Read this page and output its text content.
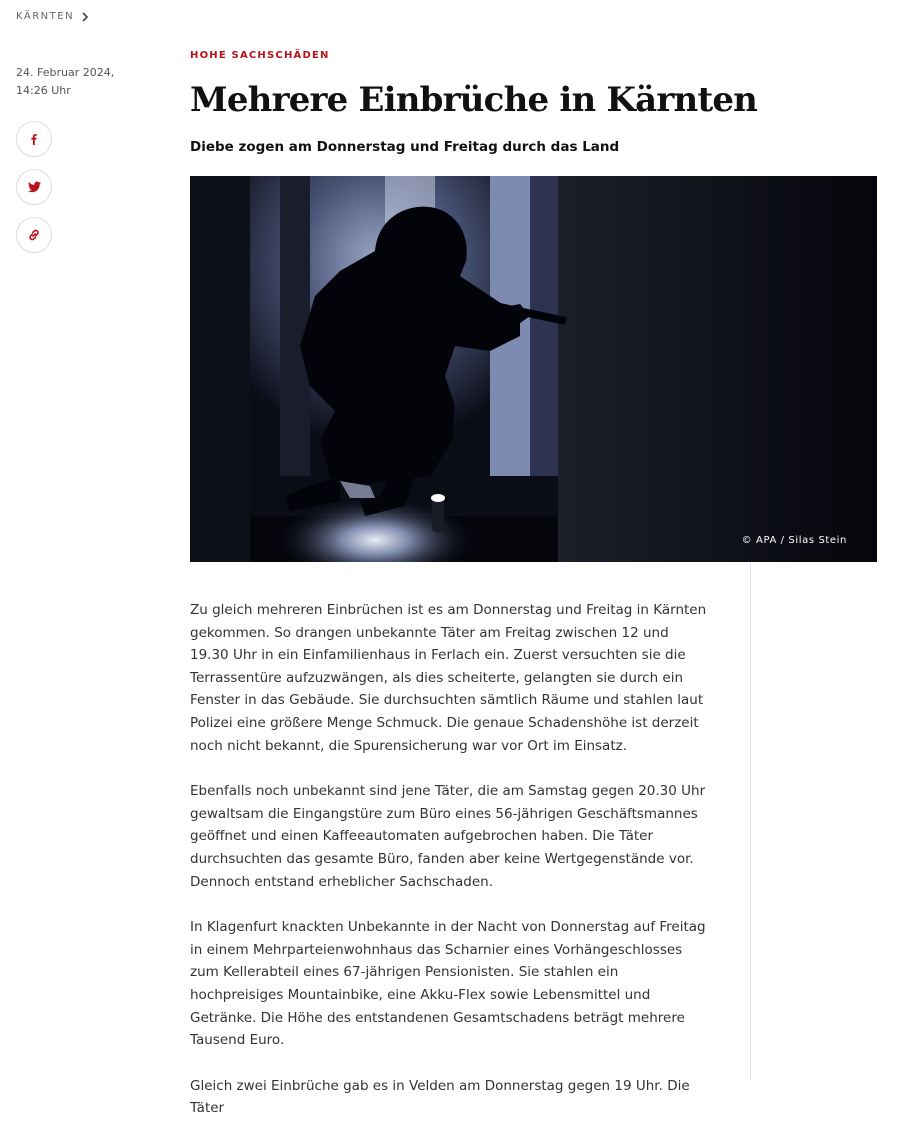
KÄRNTEN
24. Februar 2024,
14:26 Uhr
HOHE SACHSCHÄDEN
Mehrere Einbrüche in Kärnten

Diebe zogen am Donnerstag und Freitag durch das Land

© APA / Silas Stein

Zu gleich mehreren Einbrüchen ist es am Donnerstag und Freitag in Kärnten gekommen. So drangen unbekannte Täter am Freitag zwischen 12 und 19.30 Uhr in ein Einfamilienhaus in Ferlach ein. Zuerst versuchten sie die Terrassentüre aufzuzwängen, als dies scheiterte, gelangten sie durch ein Fenster in das Gebäude. Sie durchsuchten sämtlich Räume und stahlen laut Polizei eine größere Menge Schmuck. Die genaue Schadenshöhe ist derzeit noch nicht bekannt, die Spurensicherung war vor Ort im Einsatz.

Ebenfalls noch unbekannt sind jene Täter, die am Samstag gegen 20.30 Uhr gewaltsam die Eingangstüre zum Büro eines 56-jährigen Geschäftsmannes geöffnet und einen Kaffeeautomaten aufgebrochen haben. Die Täter durchsuchten das gesamte Büro, fanden aber keine Wertgegenstände vor. Dennoch entstand erheblicher Sachschaden.

In Klagenfurt knackten Unbekannte in der Nacht von Donnerstag auf Freitag in einem Mehrparteienwohnhaus das Scharnier eines Vorhängeschlosses zum Kellerabteil eines 67-jährigen Pensionisten. Sie stahlen ein hochpreisiges Mountainbike, eine Akku-Flex sowie Lebensmittel und Getränke. Die Höhe des entstandenen Gesamtschadens beträgt mehrere Tausend Euro.

Gleich zwei Einbrüche gab es in Velden am Donnerstag gegen 19 Uhr. Die Täter
